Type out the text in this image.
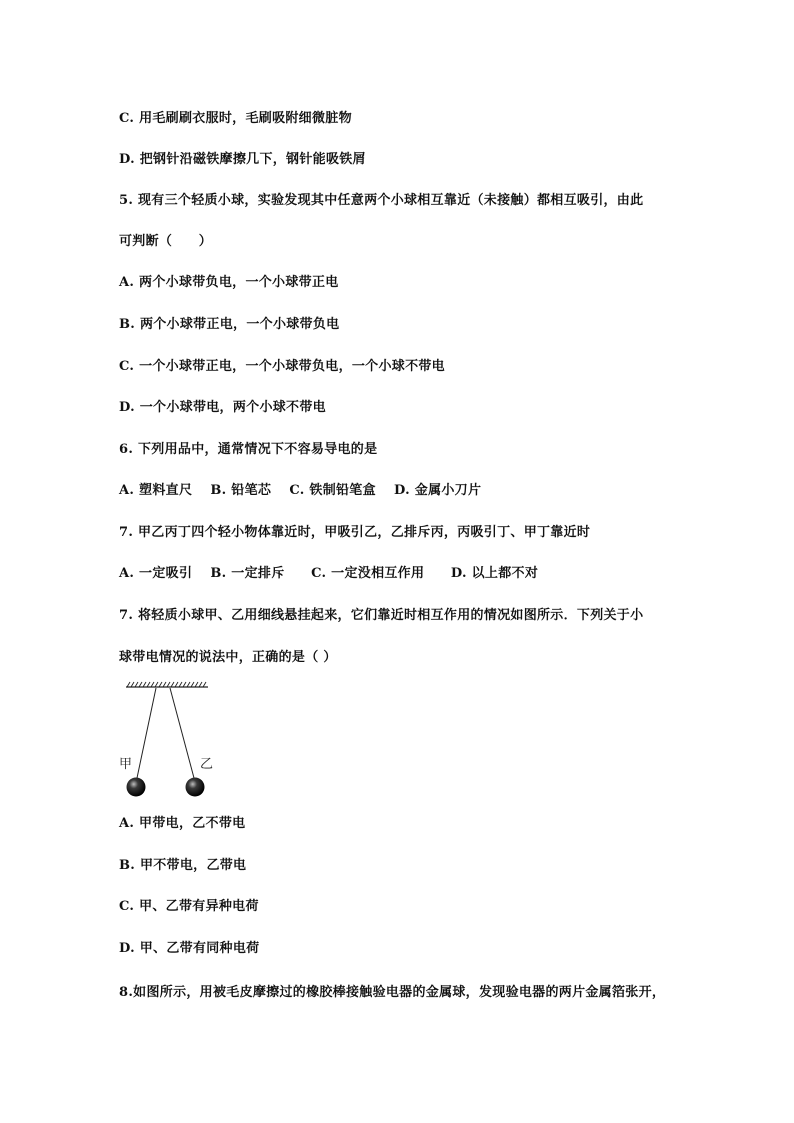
C. 用毛刷刷衣服时，毛刷吸附细微脏物
D. 把钢针沿磁铁摩擦几下，钢针能吸铁屑
5. 现有三个轻质小球，实验发现其中任意两个小球相互靠近（未接触）都相互吸引，由此
可判断（　　）
A. 两个小球带负电，一个小球带正电
B. 两个小球带正电，一个小球带负电
C. 一个小球带正电，一个小球带负电，一个小球不带电
D. 一个小球带电，两个小球不带电
6. 下列用品中，通常情况下不容易导电的是
A. 塑料直尺　 B. 铅笔芯　 C. 铁制铅笔盒　 D. 金属小刀片
7. 甲乙丙丁四个轻小物体靠近时，甲吸引乙，乙排斥丙，丙吸引丁、甲丁靠近时
A. 一定吸引　 B. 一定排斥　　C. 一定没相互作用　　D. 以上都不对
7. 将轻质小球甲、乙用细线悬挂起来，它们靠近时相互作用的情况如图所示．下列关于小
球带电情况的说法中，正确的是（ ）
甲	乙
A. 甲带电，乙不带电
B. 甲不带电，乙带电
C. 甲、乙带有异种电荷
D. 甲、乙带有同种电荷
8.如图所示，用被毛皮摩擦过的橡胶棒接触验电器的金属球，发现验电器的两片金属箔张开，
